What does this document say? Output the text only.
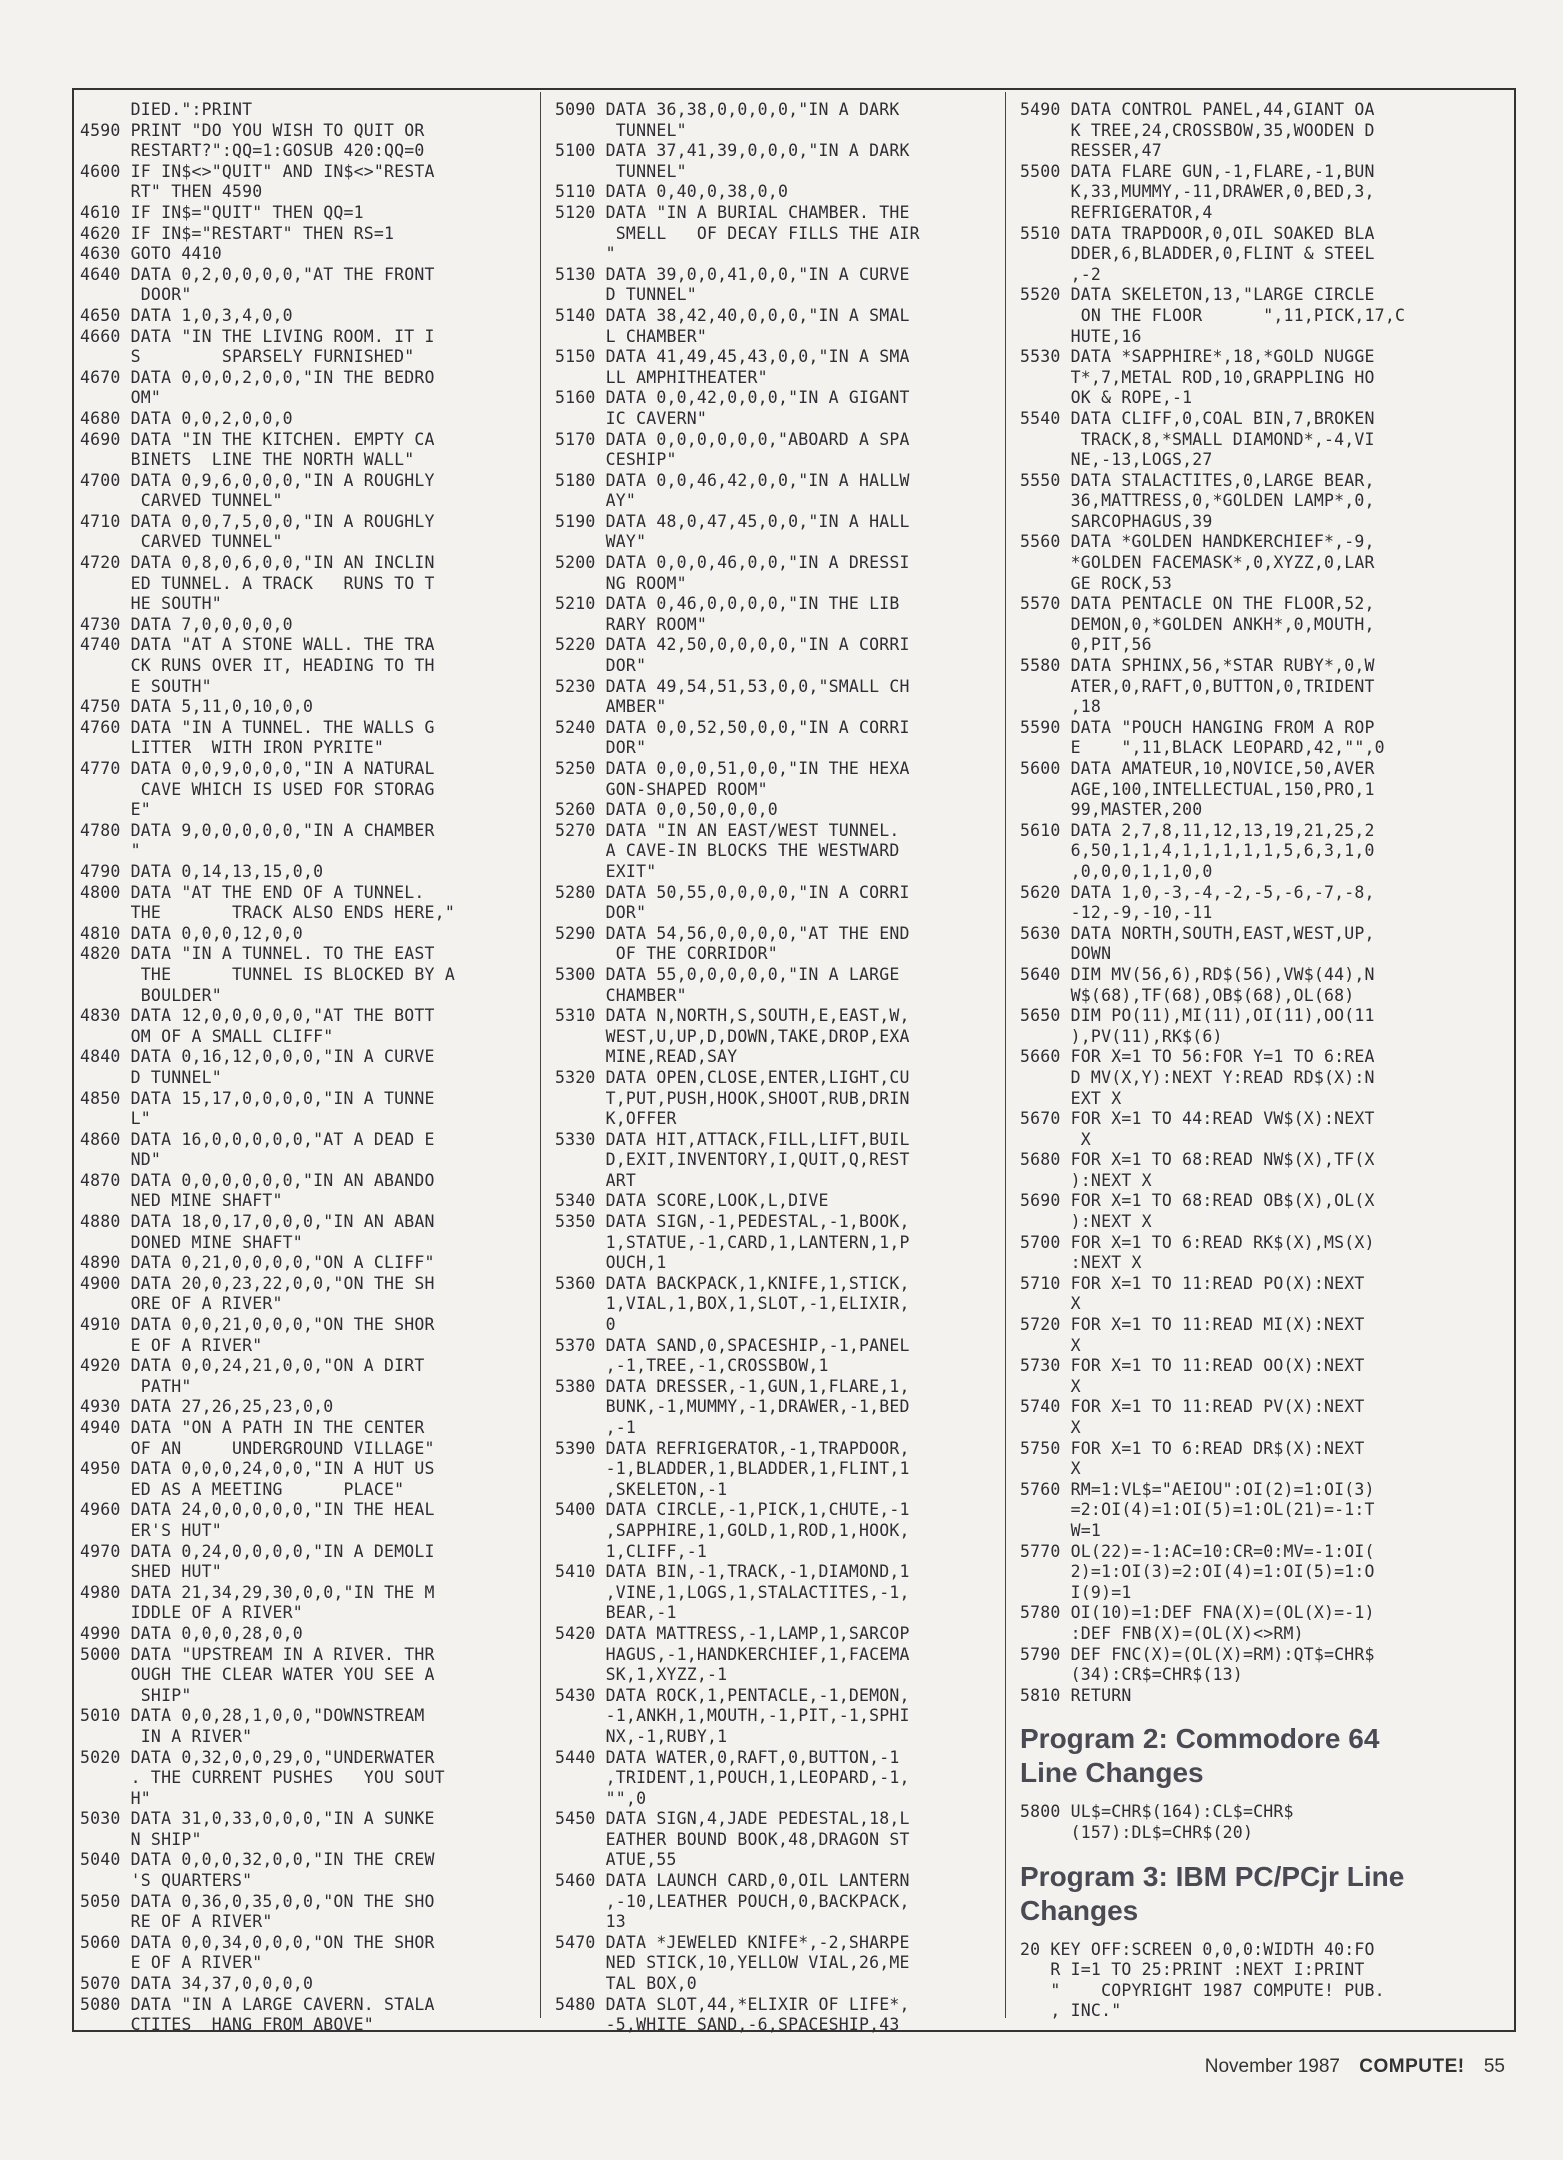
DIED.":PRINT
4590 PRINT "DO YOU WISH TO QUIT OR
RESTART?":QQ=1:GOSUB 420:QQ=0
4600 IF IN$<>"QUIT" AND IN$<>"RESTA
RT" THEN 4590
4610 IF IN$="QUIT" THEN QQ=1
4620 IF IN$="RESTART" THEN RS=1
4630 GOTO 4410
4640 DATA 0,2,0,0,0,0,"AT THE FRONT
DOOR"
4650 DATA 1,0,3,4,0,0
4660 DATA "IN THE LIVING ROOM. IT I
S        SPARSELY FURNISHED"
4670 DATA 0,0,0,2,0,0,"IN THE BEDRO
OM"
4680 DATA 0,0,2,0,0,0
4690 DATA "IN THE KITCHEN. EMPTY CA
BINETS  LINE THE NORTH WALL"
4700 DATA 0,9,6,0,0,0,"IN A ROUGHLY
CARVED TUNNEL"
4710 DATA 0,0,7,5,0,0,"IN A ROUGHLY
CARVED TUNNEL"
4720 DATA 0,8,0,6,0,0,"IN AN INCLIN
ED TUNNEL. A TRACK   RUNS TO T
HE SOUTH"
4730 DATA 7,0,0,0,0,0
4740 DATA "AT A STONE WALL. THE TRA
CK RUNS OVER IT, HEADING TO TH
E SOUTH"
4750 DATA 5,11,0,10,0,0
4760 DATA "IN A TUNNEL. THE WALLS G
LITTER  WITH IRON PYRITE"
4770 DATA 0,0,9,0,0,0,"IN A NATURAL
CAVE WHICH IS USED FOR STORAG
E"
4780 DATA 9,0,0,0,0,0,"IN A CHAMBER
"
4790 DATA 0,14,13,15,0,0
4800 DATA "AT THE END OF A TUNNEL.
THE       TRACK ALSO ENDS HERE,"
4810 DATA 0,0,0,12,0,0
4820 DATA "IN A TUNNEL. TO THE EAST
THE      TUNNEL IS BLOCKED BY A
BOULDER"
4830 DATA 12,0,0,0,0,0,"AT THE BOTT
OM OF A SMALL CLIFF"
4840 DATA 0,16,12,0,0,0,"IN A CURVE
D TUNNEL"
4850 DATA 15,17,0,0,0,0,"IN A TUNNE
L"
4860 DATA 16,0,0,0,0,0,"AT A DEAD E
ND"
4870 DATA 0,0,0,0,0,0,"IN AN ABANDO
NED MINE SHAFT"
4880 DATA 18,0,17,0,0,0,"IN AN ABAN
DONED MINE SHAFT"
4890 DATA 0,21,0,0,0,0,"ON A CLIFF"
4900 DATA 20,0,23,22,0,0,"ON THE SH
ORE OF A RIVER"
4910 DATA 0,0,21,0,0,0,"ON THE SHOR
E OF A RIVER"
4920 DATA 0,0,24,21,0,0,"ON A DIRT
PATH"
4930 DATA 27,26,25,23,0,0
4940 DATA "ON A PATH IN THE CENTER
OF AN     UNDERGROUND VILLAGE"
4950 DATA 0,0,0,24,0,0,"IN A HUT US
ED AS A MEETING      PLACE"
4960 DATA 24,0,0,0,0,0,"IN THE HEAL
ER'S HUT"
4970 DATA 0,24,0,0,0,0,"IN A DEMOLI
SHED HUT"
4980 DATA 21,34,29,30,0,0,"IN THE M
IDDLE OF A RIVER"
4990 DATA 0,0,0,28,0,0
5000 DATA "UPSTREAM IN A RIVER. THR
OUGH THE CLEAR WATER YOU SEE A
SHIP"
5010 DATA 0,0,28,1,0,0,"DOWNSTREAM
IN A RIVER"
5020 DATA 0,32,0,0,29,0,"UNDERWATER
. THE CURRENT PUSHES   YOU SOUT
H"
5030 DATA 31,0,33,0,0,0,"IN A SUNKE
N SHIP"
5040 DATA 0,0,0,32,0,0,"IN THE CREW
'S QUARTERS"
5050 DATA 0,36,0,35,0,0,"ON THE SHO
RE OF A RIVER"
5060 DATA 0,0,34,0,0,0,"ON THE SHOR
E OF A RIVER"
5070 DATA 34,37,0,0,0,0
5080 DATA "IN A LARGE CAVERN. STALA
CTITES  HANG FROM ABOVE"
5090 DATA 36,38,0,0,0,0,"IN A DARK
TUNNEL"
5100 DATA 37,41,39,0,0,0,"IN A DARK
TUNNEL"
5110 DATA 0,40,0,38,0,0
5120 DATA "IN A BURIAL CHAMBER. THE
SMELL   OF DECAY FILLS THE AIR
"
5130 DATA 39,0,0,41,0,0,"IN A CURVE
D TUNNEL"
5140 DATA 38,42,40,0,0,0,"IN A SMAL
L CHAMBER"
5150 DATA 41,49,45,43,0,0,"IN A SMA
LL AMPHITHEATER"
5160 DATA 0,0,42,0,0,0,"IN A GIGANT
IC CAVERN"
5170 DATA 0,0,0,0,0,0,"ABOARD A SPA
CESHIP"
5180 DATA 0,0,46,42,0,0,"IN A HALLW
AY"
5190 DATA 48,0,47,45,0,0,"IN A HALL
WAY"
5200 DATA 0,0,0,46,0,0,"IN A DRESSI
NG ROOM"
5210 DATA 0,46,0,0,0,0,"IN THE LIB
RARY ROOM"
5220 DATA 42,50,0,0,0,0,"IN A CORRI
DOR"
5230 DATA 49,54,51,53,0,0,"SMALL CH
AMBER"
5240 DATA 0,0,52,50,0,0,"IN A CORRI
DOR"
5250 DATA 0,0,0,51,0,0,"IN THE HEXA
GON-SHAPED ROOM"
5260 DATA 0,0,50,0,0,0
5270 DATA "IN AN EAST/WEST TUNNEL.
A CAVE-IN BLOCKS THE WESTWARD
EXIT"
5280 DATA 50,55,0,0,0,0,"IN A CORRI
DOR"
5290 DATA 54,56,0,0,0,0,"AT THE END
OF THE CORRIDOR"
5300 DATA 55,0,0,0,0,0,"IN A LARGE
CHAMBER"
5310 DATA N,NORTH,S,SOUTH,E,EAST,W,
WEST,U,UP,D,DOWN,TAKE,DROP,EXA
MINE,READ,SAY
5320 DATA OPEN,CLOSE,ENTER,LIGHT,CU
T,PUT,PUSH,HOOK,SHOOT,RUB,DRIN
K,OFFER
5330 DATA HIT,ATTACK,FILL,LIFT,BUIL
D,EXIT,INVENTORY,I,QUIT,Q,REST
ART
5340 DATA SCORE,LOOK,L,DIVE
5350 DATA SIGN,-1,PEDESTAL,-1,BOOK,
1,STATUE,-1,CARD,1,LANTERN,1,P
OUCH,1
5360 DATA BACKPACK,1,KNIFE,1,STICK,
1,VIAL,1,BOX,1,SLOT,-1,ELIXIR,
0
5370 DATA SAND,0,SPACESHIP,-1,PANEL
,-1,TREE,-1,CROSSBOW,1
5380 DATA DRESSER,-1,GUN,1,FLARE,1,
BUNK,-1,MUMMY,-1,DRAWER,-1,BED
,-1
5390 DATA REFRIGERATOR,-1,TRAPDOOR,
-1,BLADDER,1,BLADDER,1,FLINT,1
,SKELETON,-1
5400 DATA CIRCLE,-1,PICK,1,CHUTE,-1
,SAPPHIRE,1,GOLD,1,ROD,1,HOOK,
1,CLIFF,-1
5410 DATA BIN,-1,TRACK,-1,DIAMOND,1
,VINE,1,LOGS,1,STALACTITES,-1,
BEAR,-1
5420 DATA MATTRESS,-1,LAMP,1,SARCOP
HAGUS,-1,HANDKERCHIEF,1,FACEMA
SK,1,XYZZ,-1
5430 DATA ROCK,1,PENTACLE,-1,DEMON,
-1,ANKH,1,MOUTH,-1,PIT,-1,SPHI
NX,-1,RUBY,1
5440 DATA WATER,0,RAFT,0,BUTTON,-1
,TRIDENT,1,POUCH,1,LEOPARD,-1,
"",0
5450 DATA SIGN,4,JADE PEDESTAL,18,L
EATHER BOUND BOOK,48,DRAGON ST
ATUE,55
5460 DATA LAUNCH CARD,0,OIL LANTERN
,-10,LEATHER POUCH,0,BACKPACK,
13
5470 DATA *JEWELED KNIFE*,-2,SHARPE
NED STICK,10,YELLOW VIAL,26,ME
TAL BOX,0
5480 DATA SLOT,44,*ELIXIR OF LIFE*,
-5,WHITE SAND,-6,SPACESHIP,43
5490 DATA CONTROL PANEL,44,GIANT OA
K TREE,24,CROSSBOW,35,WOODEN D
RESSER,47
5500 DATA FLARE GUN,-1,FLARE,-1,BUN
K,33,MUMMY,-11,DRAWER,0,BED,3,
REFRIGERATOR,4
5510 DATA TRAPDOOR,0,OIL SOAKED BLA
DDER,6,BLADDER,0,FLINT & STEEL
,-2
5520 DATA SKELETON,13,"LARGE CIRCLE
ON THE FLOOR      ",11,PICK,17,C
HUTE,16
5530 DATA *SAPPHIRE*,18,*GOLD NUGGE
T*,7,METAL ROD,10,GRAPPLING HO
OK & ROPE,-1
5540 DATA CLIFF,0,COAL BIN,7,BROKEN
TRACK,8,*SMALL DIAMOND*,-4,VI
NE,-13,LOGS,27
5550 DATA STALACTITES,0,LARGE BEAR,
36,MATTRESS,0,*GOLDEN LAMP*,0,
SARCOPHAGUS,39
5560 DATA *GOLDEN HANDKERCHIEF*,-9,
*GOLDEN FACEMASK*,0,XYZZ,0,LAR
GE ROCK,53
5570 DATA PENTACLE ON THE FLOOR,52,
DEMON,0,*GOLDEN ANKH*,0,MOUTH,
0,PIT,56
5580 DATA SPHINX,56,*STAR RUBY*,0,W
ATER,0,RAFT,0,BUTTON,0,TRIDENT
,18
5590 DATA "POUCH HANGING FROM A ROP
E    ",11,BLACK LEOPARD,42,"",0
5600 DATA AMATEUR,10,NOVICE,50,AVER
AGE,100,INTELLECTUAL,150,PRO,1
99,MASTER,200
5610 DATA 2,7,8,11,12,13,19,21,25,2
6,50,1,1,4,1,1,1,1,1,5,6,3,1,0
,0,0,0,1,1,0,0
5620 DATA 1,0,-3,-4,-2,-5,-6,-7,-8,
-12,-9,-10,-11
5630 DATA NORTH,SOUTH,EAST,WEST,UP,
DOWN
5640 DIM MV(56,6),RD$(56),VW$(44),N
W$(68),TF(68),OB$(68),OL(68)
5650 DIM PO(11),MI(11),OI(11),OO(11
),PV(11),RK$(6)
5660 FOR X=1 TO 56:FOR Y=1 TO 6:REA
D MV(X,Y):NEXT Y:READ RD$(X):N
EXT X
5670 FOR X=1 TO 44:READ VW$(X):NEXT
X
5680 FOR X=1 TO 68:READ NW$(X),TF(X
):NEXT X
5690 FOR X=1 TO 68:READ OB$(X),OL(X
):NEXT X
5700 FOR X=1 TO 6:READ RK$(X),MS(X)
:NEXT X
5710 FOR X=1 TO 11:READ PO(X):NEXT
X
5720 FOR X=1 TO 11:READ MI(X):NEXT
X
5730 FOR X=1 TO 11:READ OO(X):NEXT
X
5740 FOR X=1 TO 11:READ PV(X):NEXT
X
5750 FOR X=1 TO 6:READ DR$(X):NEXT
X
5760 RM=1:VL$="AEIOU":OI(2)=1:OI(3)
=2:OI(4)=1:OI(5)=1:OL(21)=-1:T
W=1
5770 OL(22)=-1:AC=10:CR=0:MV=-1:OI(
2)=1:OI(3)=2:OI(4)=1:OI(5)=1:O
I(9)=1
5780 OI(10)=1:DEF FNA(X)=(OL(X)=-1)
:DEF FNB(X)=(OL(X)<>RM)
5790 DEF FNC(X)=(OL(X)=RM):QT$=CHR$
(34):CR$=CHR$(13)
5810 RETURN
Program 2: Commodore 64
Line Changes
5800 UL$=CHR$(164):CL$=CHR$
(157):DL$=CHR$(20)
Program 3: IBM PC/PCjr Line
Changes
20 KEY OFF:SCREEN 0,0,0:WIDTH 40:FO
R I=1 TO 25:PRINT :NEXT I:PRINT
"    COPYRIGHT 1987 COMPUTE! PUB.
, INC."
November 1987 COMPUTE! 55
